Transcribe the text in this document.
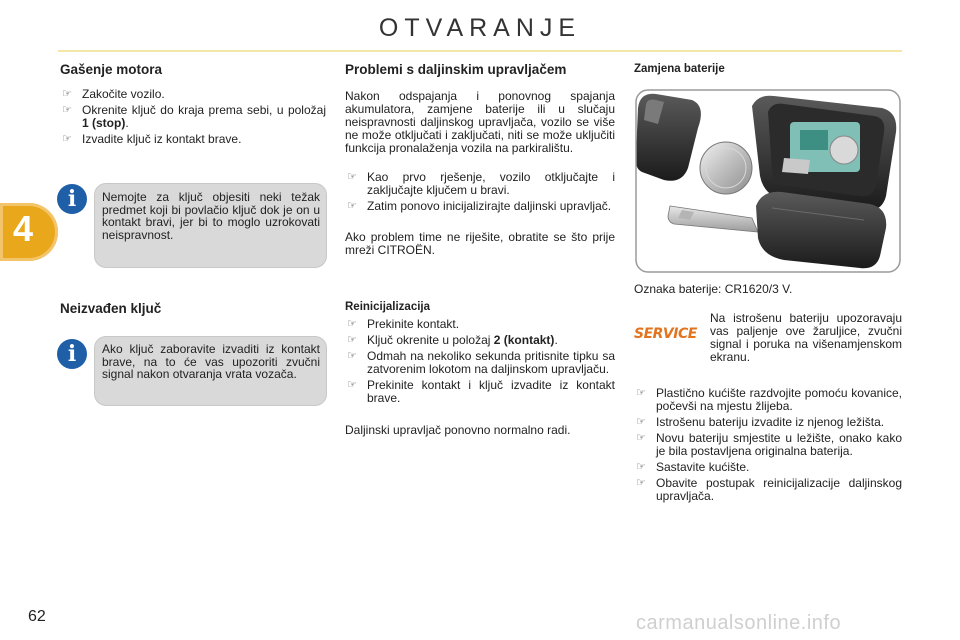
OTVARANJE
4
Gašenje motora
☞ Zakočite vozilo.
☞ Okrenite ključ do kraja prema sebi, u položaj 1 (stop).
☞ Izvadite ključ iz kontakt brave.
i	Nemojte za ključ objesiti neki težak predmet koji bi povlačio ključ dok je on u kontakt bravi, jer bi to moglo uzrokovati neispravnost.
Neizvađen ključ
i	Ako ključ zaboravite izvaditi iz kontakt brave, na to će vas upozoriti zvučni signal nakon otvaranja vrata vozača.
Problemi s daljinskim upravljačem
Nakon odspajanja i ponovnog spajanja akumulatora, zamjene baterije ili u slučaju neispravnosti daljinskog upravljača, vozilo se više ne može otključati i zaključati, niti se može uključiti funkcija pronalaženja vozila na parkiralištu.
☞ Kao prvo rješenje, vozilo otključajte i zaključajte ključem u bravi.
☞ Zatim ponovo inicijalizirajte daljinski upravljač.
Ako problem time ne riješite, obratite se što prije mreži CITROËN.
Reinicijalizacija
☞ Prekinite kontakt.
☞ Ključ okrenite u položaj 2 (kontakt).
☞ Odmah na nekoliko sekunda pritisnite tipku sa zatvorenim lokotom na daljinskom upravljaču.
☞ Prekinite kontakt i ključ izvadite iz kontakt brave.
Daljinski upravljač ponovno normalno radi.
Zamjena baterije
Oznaka baterije: CR1620/3 V.
SERVICE
Na istrošenu bateriju upozoravaju vas paljenje ove žaruljice, zvučni signal i poruka na višenamjenskom ekranu.
☞ Plastično kućište razdvojite pomoću kovanice, počevši na mjestu žlijeba.
☞ Istrošenu bateriju izvadite iz njenog ležišta.
☞ Novu bateriju smjestite u ležište, onako kako je bila postavljena originalna baterija.
☞ Sastavite kućište.
☞ Obavite postupak reinicijalizacije daljinskog upravljača.
62	carmanualsonline.info
